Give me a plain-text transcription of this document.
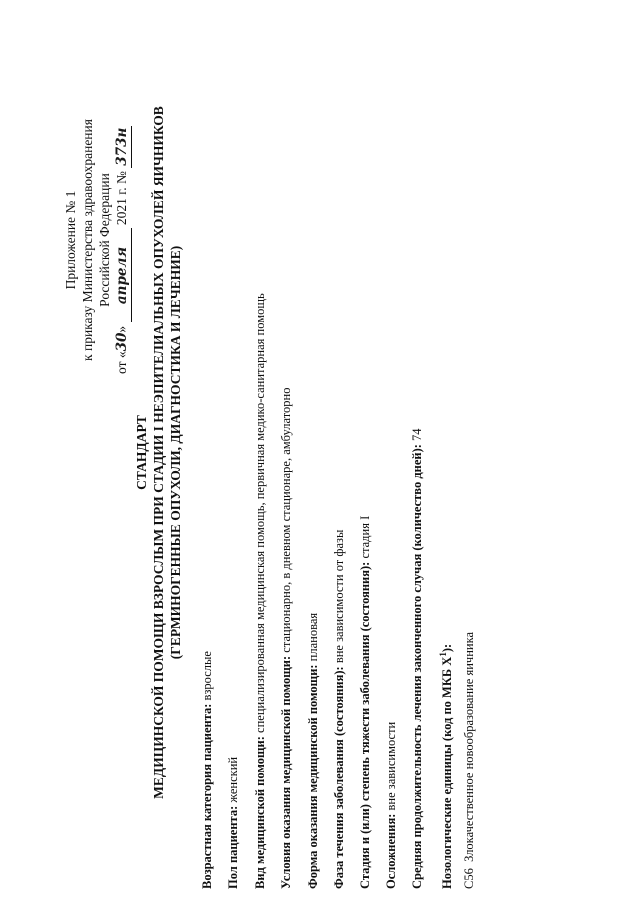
Приложение № 1 к приказу Министерства здравоохранения Российской Федерации
от «30» апреля 2021 г. № 373н
СТАНДАРТ МЕДИЦИНСКОЙ ПОМОЩИ ВЗРОСЛЫМ ПРИ СТАДИИ I НЕЭПИТЕЛИАЛЬНЫХ ОПУХОЛЕЙ ЯИЧНИКОВ (ГЕРМИНОГЕННЫЕ ОПУХОЛИ, ДИАГНОСТИКА И ЛЕЧЕНИЕ)
Возрастная категория пациента: взрослые
Пол пациента: женский Вид медицинской помощи: специализированная медицинская помощь, первичная медико-санитарная помощь
Условия оказания медицинской помощи: стационарно, в дневном стационаре, амбулаторно
Форма оказания медицинской помощи: плановая
Фаза течения заболевания (состояния): вне зависимости от фазы Стадия и (или) степень тяжести заболевания (состояния): стадия I
Осложнения: вне зависимости Средняя продолжительность лечения законченного случая (количество дней): 74
Нозологические единицы (код по МКБ $X^1$):
C56  Злокачественное новообразование яичника
